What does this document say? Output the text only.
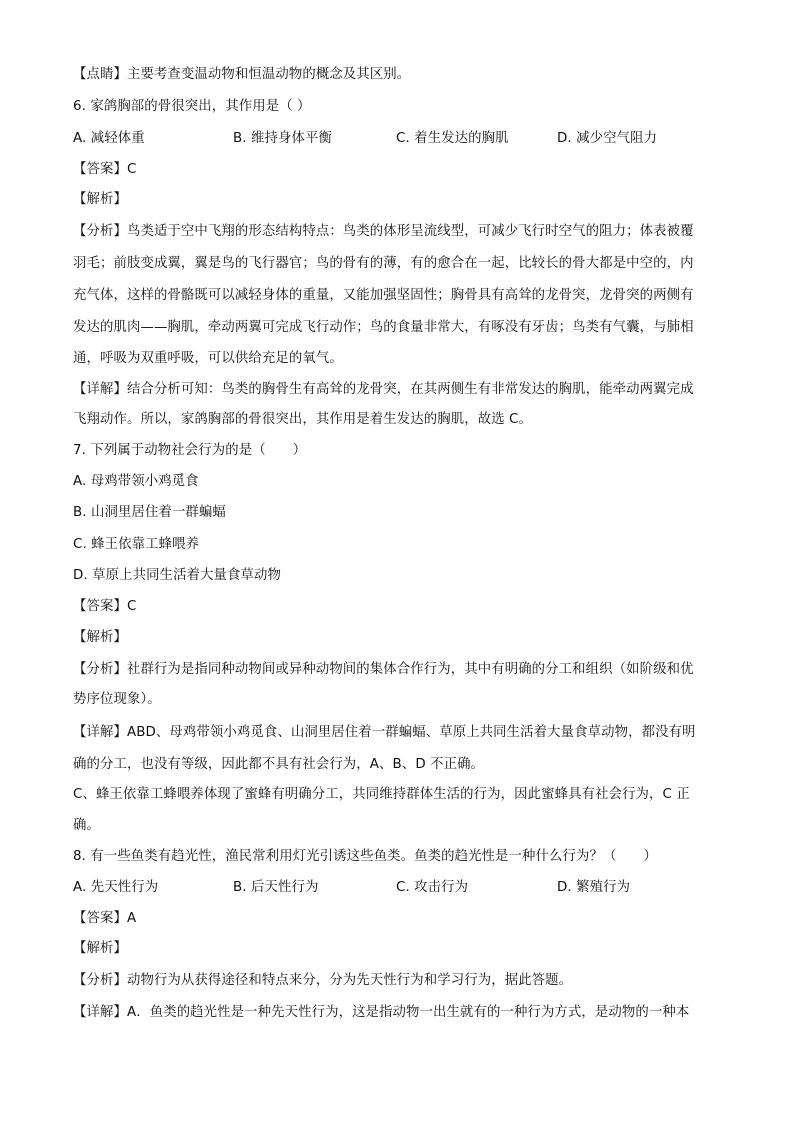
【点睛】主要考查变温动物和恒温动物的概念及其区别。
6. 家鸽胸部的骨很突出，其作用是（ ）
A. 减轻体重	B. 维持身体平衡	C. 着生发达的胸肌	D. 减少空气阻力
【答案】C
【解析】
【分析】鸟类适于空中飞翔的形态结构特点：鸟类的体形呈流线型，可减少飞行时空气的阻力；体表被覆
羽毛；前肢变成翼，翼是鸟的飞行器官；鸟的骨有的薄，有的愈合在一起，比较长的骨大都是中空的，内
充气体，这样的骨骼既可以减轻身体的重量，又能加强坚固性；胸骨具有高耸的龙骨突，龙骨突的两侧有
发达的肌肉——胸肌，牵动两翼可完成飞行动作；鸟的食量非常大，有啄没有牙齿；鸟类有气囊，与肺相
通，呼吸为双重呼吸，可以供给充足的氧气。
【详解】结合分析可知：鸟类的胸骨生有高耸的龙骨突，在其两侧生有非常发达的胸肌，能牵动两翼完成
飞翔动作。所以，家鸽胸部的骨很突出，其作用是着生发达的胸肌，故选 C。
7. 下列属于动物社会行为的是（　　）
A. 母鸡带领小鸡觅食
B. 山洞里居住着一群蝙蝠
C. 蜂王依靠工蜂喂养
D. 草原上共同生活着大量食草动物
【答案】C
【解析】
【分析】社群行为是指同种动物间或异种动物间的集体合作行为，其中有明确的分工和组织（如阶级和优
势序位现象）。
【详解】ABD、母鸡带领小鸡觅食、山洞里居住着一群蝙蝠、草原上共同生活着大量食草动物，都没有明
确的分工，也没有等级，因此都不具有社会行为，A、B、D 不正确。
C、蜂王依靠工蜂喂养体现了蜜蜂有明确分工，共同维持群体生活的行为，因此蜜蜂具有社会行为，C 正
确。
8. 有一些鱼类有趋光性，渔民常利用灯光引诱这些鱼类。鱼类的趋光性是一种什么行为？（　　）
A. 先天性行为	B. 后天性行为	C. 攻击行为	D. 繁殖行为
【答案】A
【解析】
【分析】动物行为从获得途径和特点来分，分为先天性行为和学习行为，据此答题。
【详解】A．鱼类的趋光性是一种先天性行为，这是指动物一出生就有的一种行为方式，是动物的一种本
